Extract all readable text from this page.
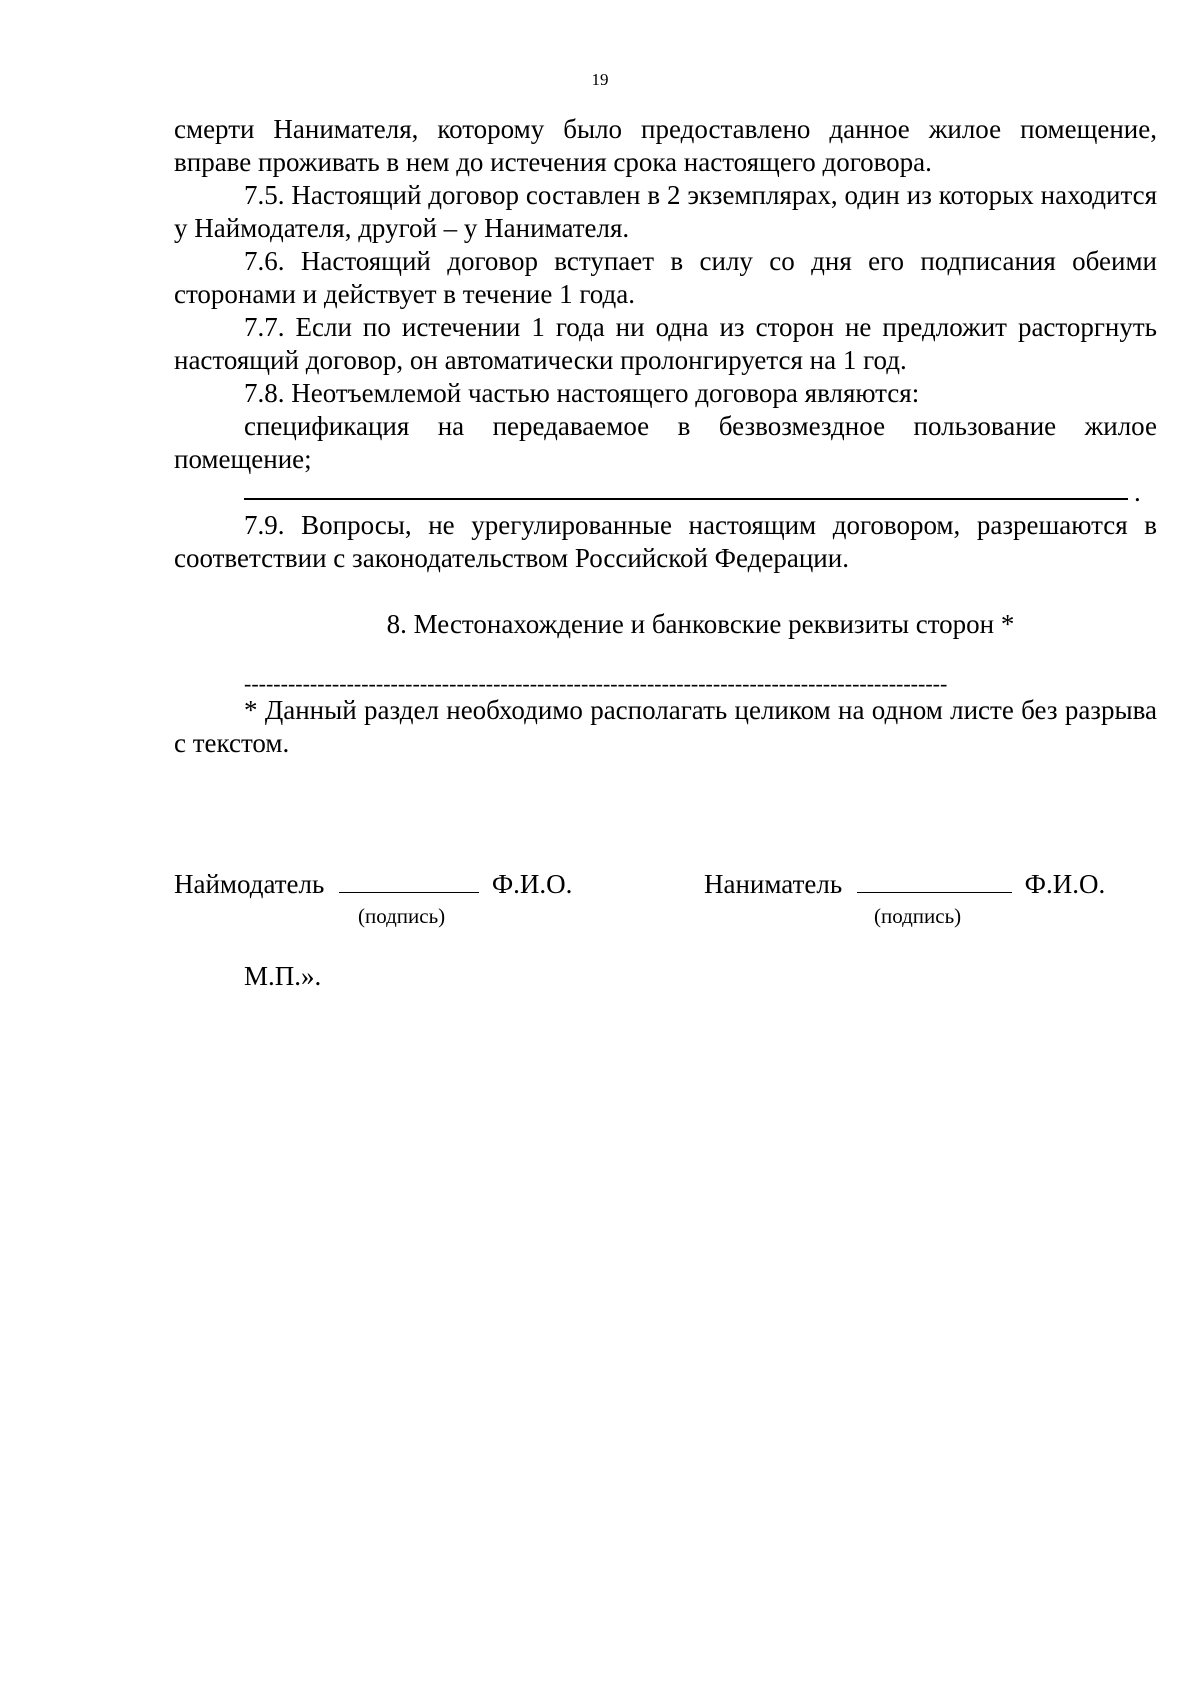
19

смерти Нанимателя, которому было предоставлено данное жилое помещение,

вправе проживать в нем до истечения срока настоящего договора.

7.5. Настоящий договор составлен в 2 экземплярах, один из которых находится у Наймодателя, другой – у Нанимателя.

7.6. Настоящий договор вступает в силу со дня его подписания обеими сторонами и действует в течение 1 года.

7.7. Если по истечении 1 года ни одна из сторон не предложит расторгнуть настоящий договор, он автоматически пролонгируется на 1 год.

7.8. Неотъемлемой частью настоящего договора являются:

спецификация на передаваемое в безвозмездное пользование жилое помещение;

.

7.9. Вопросы, не урегулированные настоящим договором, разрешаются в соответствии с законодательством Российской Федерации.

8. Местонахождение и банковские реквизиты сторон *

------------------------------------------------------------------------------------------------

* Данный раздел необходимо располагать целиком на одном листе без разрыва с текстом.

Наймодатель	Ф.И.О.
(подпись)
Наниматель	Ф.И.О.
(подпись)
М.П.».
